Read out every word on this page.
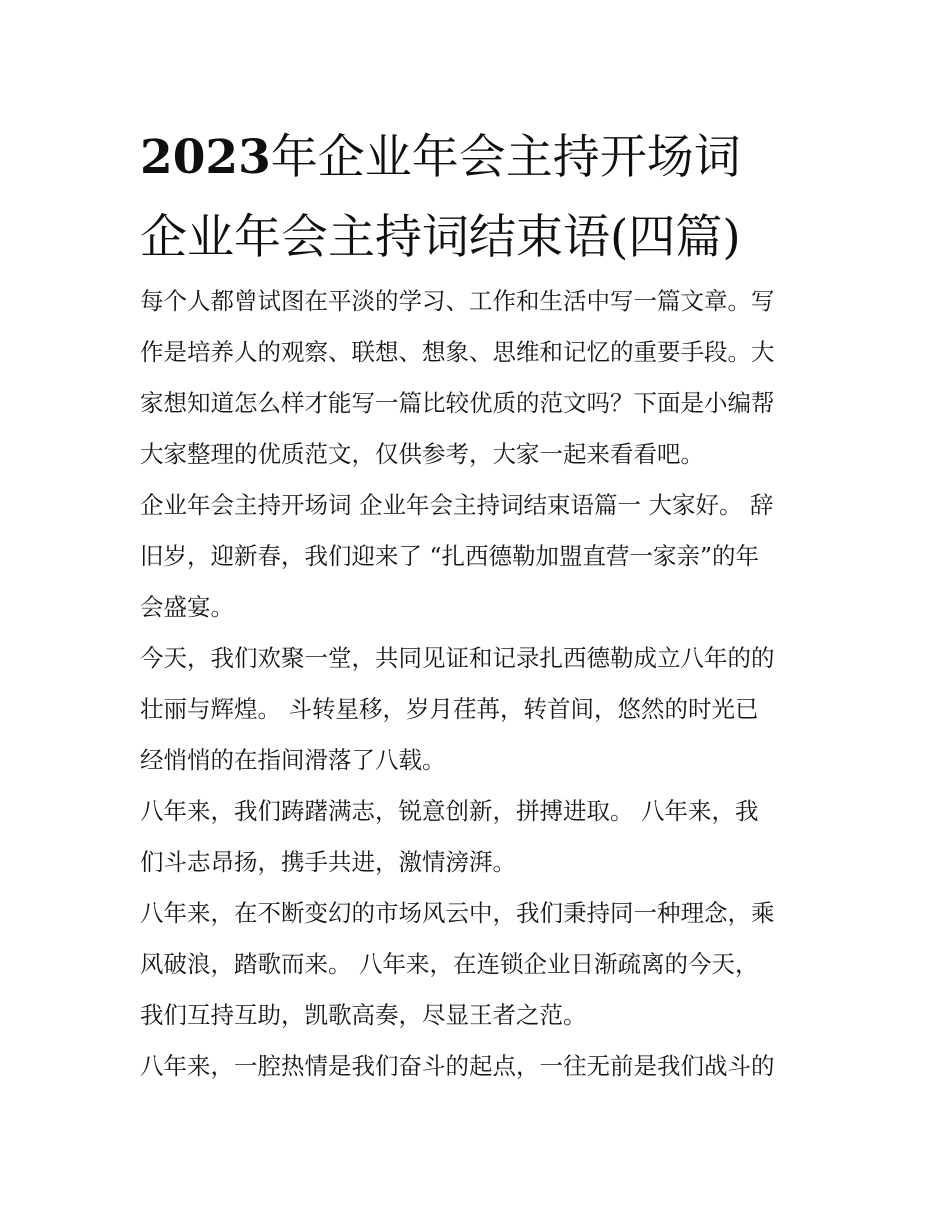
2023年企业年会主持开场词
企业年会主持词结束语(四篇)

每个人都曾试图在平淡的学习、工作和生活中写一篇文章。写
作是培养人的观察、联想、想象、思维和记忆的重要手段。大
家想知道怎么样才能写一篇比较优质的范文吗？下面是小编帮
大家整理的优质范文，仅供参考，大家一起来看看吧。

企业年会主持开场词 企业年会主持词结束语篇一 大家好。 辞
旧岁，迎新春，我们迎来了 “扎西德勒加盟直营一家亲”的年
会盛宴。

今天，我们欢聚一堂，共同见证和记录扎西德勒成立八年的的
壮丽与辉煌。 斗转星移，岁月荏苒，转首间，悠然的时光已
经悄悄的在指间滑落了八载。

八年来，我们踌躇满志，锐意创新，拼搏进取。 八年来，我
们斗志昂扬，携手共进，激情滂湃。

八年来，在不断变幻的市场风云中，我们秉持同一种理念，乘
风破浪，踏歌而来。 八年来，在连锁企业日渐疏离的今天，
我们互持互助，凯歌高奏，尽显王者之范。

八年来，一腔热情是我们奋斗的起点，一往无前是我们战斗的
